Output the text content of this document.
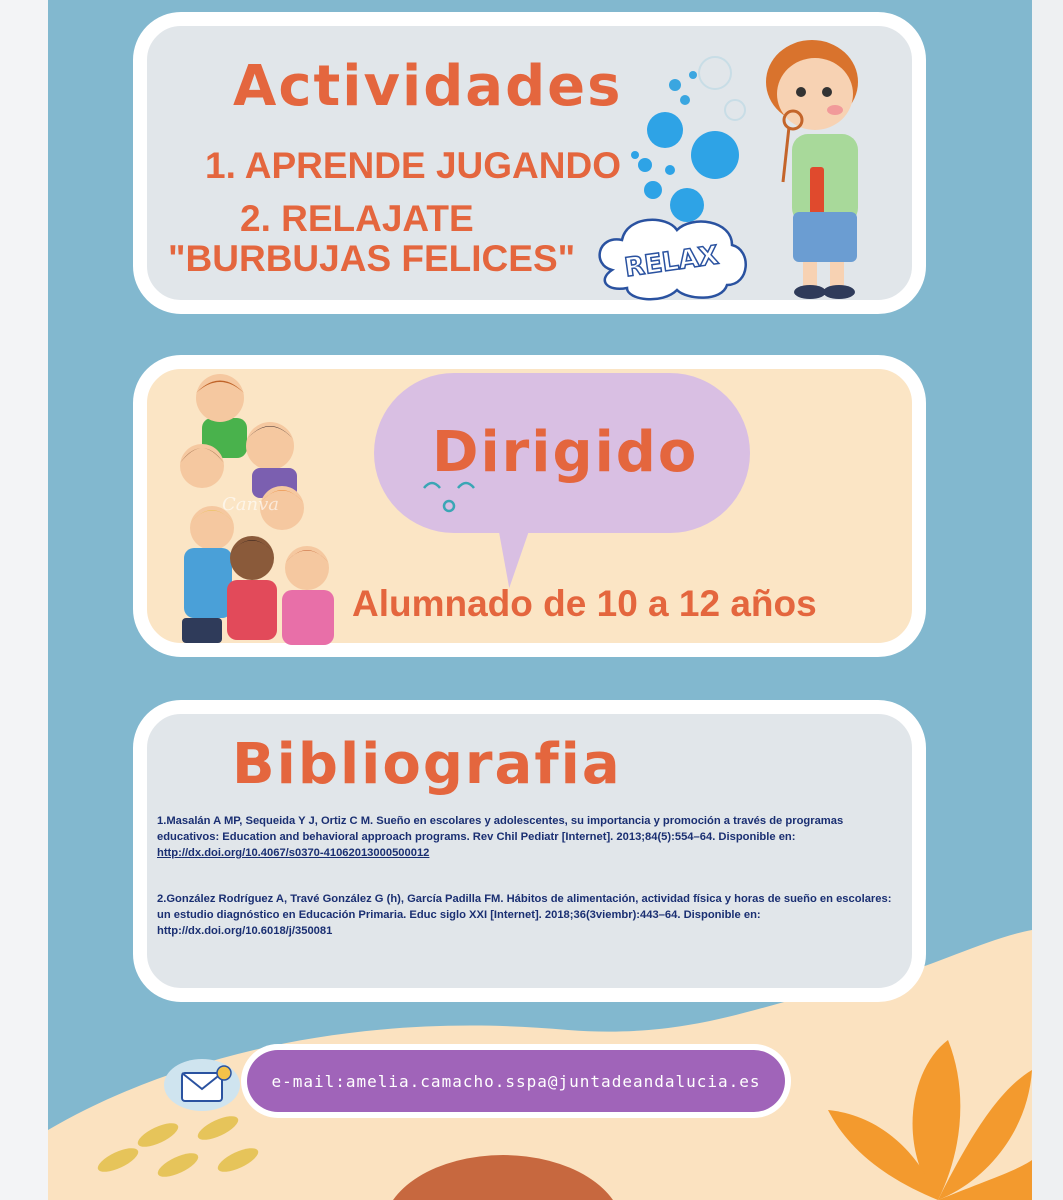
Actividades
1. APRENDE JUGANDO
2. RELAJATE
"BURBUJAS FELICES" RELAX
Dirigido
Alumnado de 10 a 12 años
Canva
Bibliografia
1.Masalán A MP, Sequeida Y J, Ortiz C M. Sueño en escolares y adolescentes, su importancia y promoción a través de programas educativos: Education and behavioral approach programs. Rev Chil Pediatr [Internet]. 2013;84(5):554–64. Disponible en: http://dx.doi.org/10.4067/s0370-41062013000500012
2.González Rodríguez A, Travé González G (h), García Padilla FM. Hábitos de alimentación, actividad física y horas de sueño en escolares: un estudio diagnóstico en Educación Primaria. Educ siglo XXI [Internet]. 2018;36(3viembr):443–64. Disponible en: http://dx.doi.org/10.6018/j/350081
e-mail:amelia.camacho.sspa@juntadeandalucia.es
